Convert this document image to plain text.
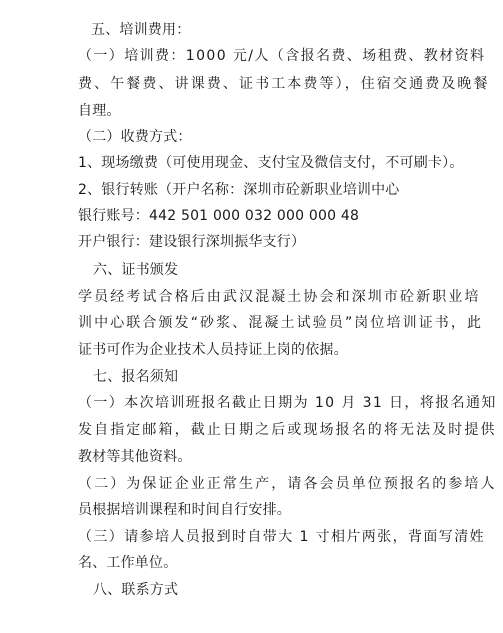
五、培训费用：

（一）培训费：1000 元/人（含报名费、场租费、教材资料

费、午餐费、讲课费、证书工本费等），住宿交通费及晚餐

自理。

（二）收费方式：

1、现场缴费（可使用现金、支付宝及微信支付，不可刷卡）。

2、银行转账（开户名称：深圳市砼新职业培训中心

银行账号：442 501 000 032 000 000 48

开户银行：建设银行深圳振华支行）

六、证书颁发

学员经考试合格后由武汉混凝土协会和深圳市砼新职业培

训中心联合颁发“砂浆、混凝土试验员”岗位培训证书，此

证书可作为企业技术人员持证上岗的依据。

七、报名须知

（一）本次培训班报名截止日期为 10 月 31 日，将报名通知

发自指定邮箱，截止日期之后或现场报名的将无法及时提供

教材等其他资料。

（二）为保证企业正常生产，请各会员单位预报名的参培人

员根据培训课程和时间自行安排。

（三）请参培人员报到时自带大 1 寸相片两张，背面写清姓

名、工作单位。

八、联系方式
